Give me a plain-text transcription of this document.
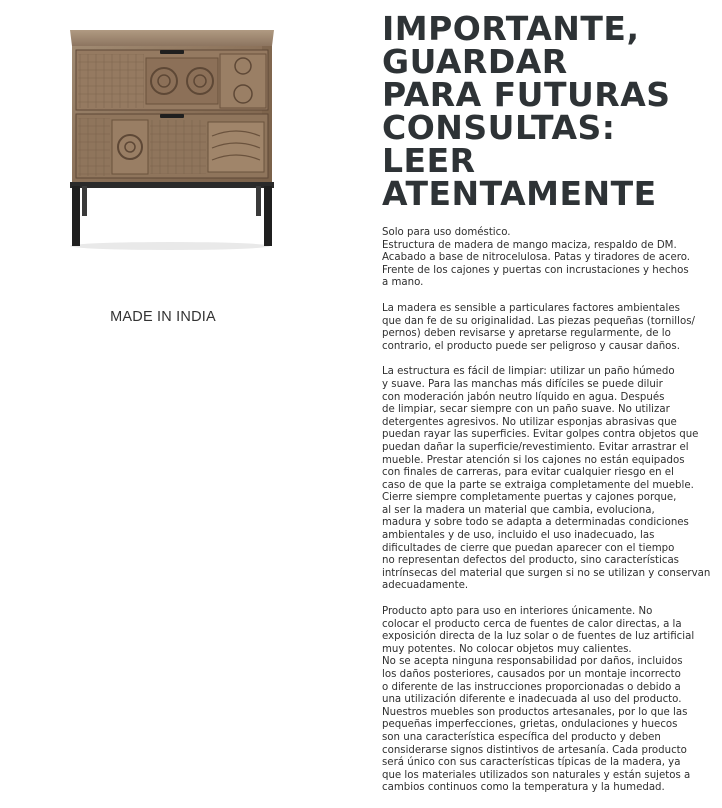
MADE IN INDIA
IMPORTANTE,
GUARDAR
PARA FUTURAS
CONSULTAS:
LEER
ATENTAMENTE

Solo para uso doméstico.
Estructura de madera de mango maciza, respaldo de DM.
Acabado a base de nitrocelulosa. Patas y tiradores de acero.
Frente de los cajones y puertas con incrustaciones y hechos
a mano.

La madera es sensible a particulares factores ambientales
que dan fe de su originalidad. Las piezas pequeñas (tornillos/
pernos) deben revisarse y apretarse regularmente, de lo
contrario, el producto puede ser peligroso y causar daños.

La estructura es fácil de limpiar: utilizar un paño húmedo
y suave. Para las manchas más difíciles se puede diluir
con moderación jabón neutro líquido en agua. Después
de limpiar, secar siempre con un paño suave. No utilizar
detergentes agresivos. No utilizar esponjas abrasivas que
puedan rayar las superficies. Evitar golpes contra objetos que
puedan dañar la superficie/revestimiento. Evitar arrastrar el
mueble. Prestar atención si los cajones no están equipados
con finales de carreras, para evitar cualquier riesgo en el
caso de que la parte se extraiga completamente del mueble.
Cierre siempre completamente puertas y cajones porque,
al ser la madera un material que cambia, evoluciona,
madura y sobre todo se adapta a determinadas condiciones
ambientales y de uso, incluido el uso inadecuado, las
dificultades de cierre que puedan aparecer con el tiempo
no representan defectos del producto, sino características
intrínsecas del material que surgen si no se utilizan y conservan
adecuadamente.

Producto apto para uso en interiores únicamente. No
colocar el producto cerca de fuentes de calor directas, a la
exposición directa de la luz solar o de fuentes de luz artificial
muy potentes. No colocar objetos muy calientes.
No se acepta ninguna responsabilidad por daños, incluidos
los daños posteriores, causados por un montaje incorrecto
o diferente de las instrucciones proporcionadas o debido a
una utilización diferente e inadecuada al uso del producto.
Nuestros muebles son productos artesanales, por lo que las
pequeñas imperfecciones, grietas, ondulaciones y huecos
son una característica específica del producto y deben
considerarse signos distintivos de artesanía. Cada producto
será único con sus características típicas de la madera, ya
que los materiales utilizados son naturales y están sujetos a
cambios continuos como la temperatura y la humedad.
